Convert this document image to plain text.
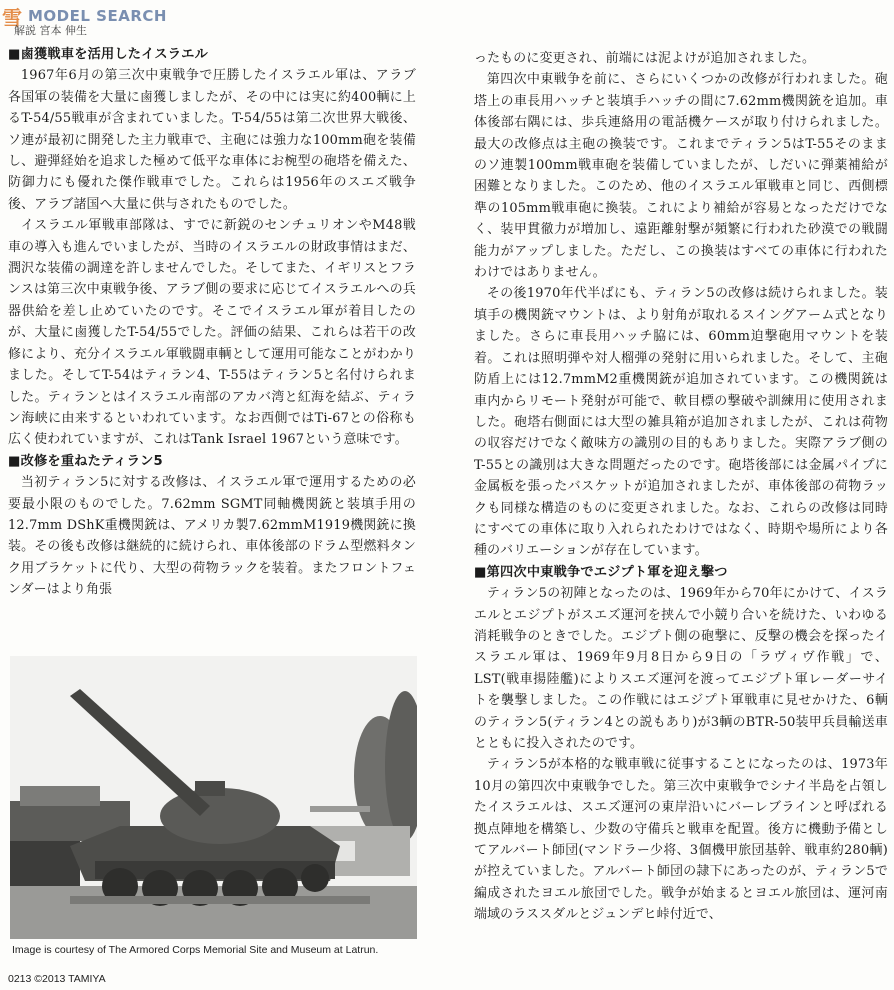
雪 MODEL SEARCH
解説 宮本 伸生
■鹵獲戦車を活用したイスラエル

1967年6月の第三次中東戦争で圧勝したイスラエル軍は、アラブ各国軍の装備を大量に鹵獲しましたが、その中には実に約400輌に上るT-54/55戦車が含まれていました。T-54/55は第二次世界大戦後、ソ連が最初に開発した主力戦車で、主砲には強力な100mm砲を装備し、避弾経始を追求した極めて低平な車体にお椀型の砲塔を備えた、防御力にも優れた傑作戦車でした。これらは1956年のスエズ戦争後、アラブ諸国へ大量に供与されたものでした。

イスラエル軍戦車部隊は、すでに新鋭のセンチュリオンやM48戦車の導入も進んでいましたが、当時のイスラエルの財政事情はまだ、潤沢な装備の調達を許しませんでした。そしてまた、イギリスとフランスは第三次中東戦争後、アラブ側の要求に応じてイスラエルへの兵器供給を差し止めていたのです。そこでイスラエル軍が着目したのが、大量に鹵獲したT-54/55でした。評価の結果、これらは若干の改修により、充分イスラエル軍戦闘車輌として運用可能なことがわかりました。そしてT-54はティラン4、T-55はティラン5と名付けられました。ティランとはイスラエル南部のアカバ湾と紅海を結ぶ、ティラン海峡に由来するといわれています。なお西側ではTi-67との俗称も広く使われていますが、これはTank Israel 1967という意味です。

■改修を重ねたティラン5

当初ティラン5に対する改修は、イスラエル軍で運用するための必要最小限のものでした。7.62mm SGMT同軸機関銃と装填手用の12.7mm DShK重機関銃は、アメリカ製7.62mmM1919機関銃に換装。その後も改修は継続的に続けられ、車体後部のドラム型燃料タンク用ブラケットに代り、大型の荷物ラックを装着。またフロントフェンダーはより角張

ったものに変更され、前端には泥よけが追加されました。

第四次中東戦争を前に、さらにいくつかの改修が行われました。砲塔上の車長用ハッチと装填手ハッチの間に7.62mm機関銃を追加。車体後部右隅には、歩兵連絡用の電話機ケースが取り付けられました。最大の改修点は主砲の換装です。これまでティラン5はT-55そのままのソ連製100mm戦車砲を装備していましたが、しだいに弾薬補給が困難となりました。このため、他のイスラエル軍戦車と同じ、西側標準の105mm戦車砲に換装。これにより補給が容易となっただけでなく、装甲貫徹力が増加し、遠距離射撃が頻繁に行われた砂漠での戦闘能力がアップしました。ただし、この換装はすべての車体に行われたわけではありません。

その後1970年代半ばにも、ティラン5の改修は続けられました。装填手の機関銃マウントは、より射角が取れるスイングアーム式となりました。さらに車長用ハッチ脇には、60mm迫撃砲用マウントを装着。これは照明弾や対人榴弾の発射に用いられました。そして、主砲防盾上には12.7mmM2重機関銃が追加されています。この機関銃は車内からリモート発射が可能で、軟目標の撃破や訓練用に使用されました。砲塔右側面には大型の雑具箱が追加されましたが、これは荷物の収容だけでなく敵味方の識別の目的もありました。実際アラブ側のT-55との識別は大きな問題だったのです。砲塔後部には金属パイプに金属板を張ったバスケットが追加されましたが、車体後部の荷物ラックも同様な構造のものに変更されました。なお、これらの改修は同時にすべての車体に取り入れられたわけではなく、時期や場所により各種のバリエーションが存在しています。

■第四次中東戦争でエジプト軍を迎え撃つ

ティラン5の初陣となったのは、1969年から70年にかけて、イスラエルとエジプトがスエズ運河を挟んで小競り合いを続けた、いわゆる消耗戦争のときでした。エジプト側の砲撃に、反撃の機会を探ったイスラエル軍は、1969年9月8日から9日の「ラヴィヴ作戦」で、LST(戦車揚陸艦)によりスエズ運河を渡ってエジプト軍レーダーサイトを襲撃しました。この作戦にはエジプト軍戦車に見せかけた、6輌のティラン5(ティラン4との説もあり)が3輌のBTR-50装甲兵員輸送車とともに投入されたのです。

ティラン5が本格的な戦車戦に従事することになったのは、1973年10月の第四次中東戦争でした。第三次中東戦争でシナイ半島を占領したイスラエルは、スエズ運河の東岸沿いにバーレブラインと呼ばれる拠点陣地を構築し、少数の守備兵と戦車を配置。後方に機動予備としてアルバート師団(マンドラー少将、3個機甲旅団基幹、戦車約280輌)が控えていました。アルバート師団の隷下にあったのが、ティラン5で編成されたヨエル旅団でした。戦争が始まるとヨエル旅団は、運河南端域のラススダルとジュンデヒ峠付近で、

Image is courtesy of The Armored Corps Memorial Site and Museum at Latrun.
0213 ©2013 TAMIYA
